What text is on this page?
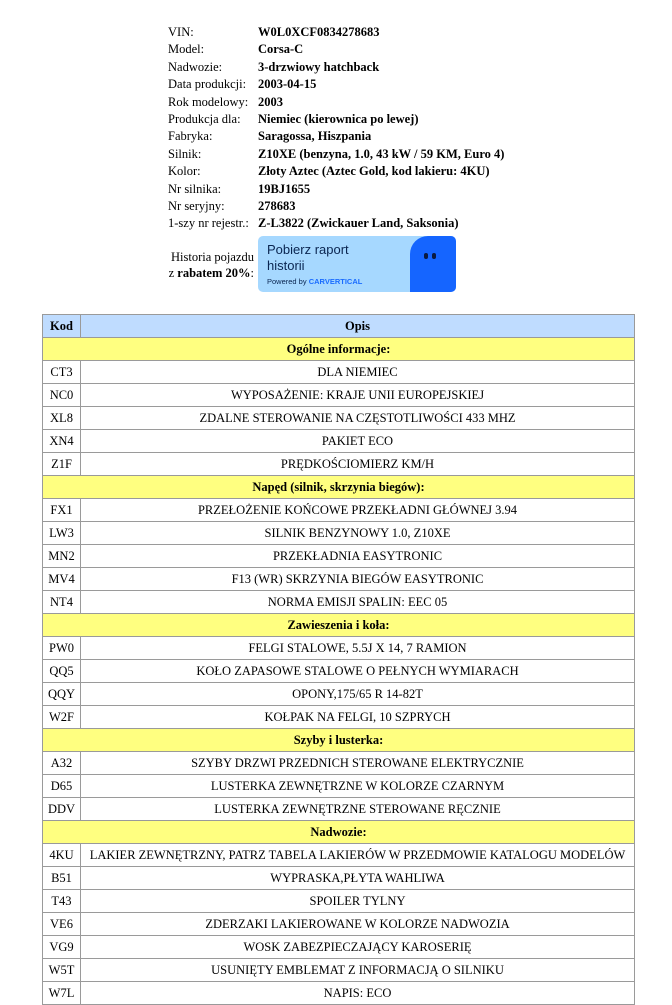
VIN:	W0L0XCF0834278683
Model:	Corsa-C
Nadwozie:	3-drzwiowy hatchback
Data produkcji: 2003-04-15
Rok modelowy: 2003
Produkcja dla: Niemiec (kierownica po lewej)
Fabryka:	Saragossa, Hiszpania
Silnik:	Z10XE (benzyna, 1.0, 43 kW / 59 KM, Euro 4)
Kolor:	Złoty Aztec (Aztec Gold, kod lakieru: 4KU)
Nr silnika:	19BJ1655
Nr seryjny:	278683
1-szy nr rejestr.: Z-L3822 (Zwickauer Land, Saksonia)
Historia pojazdu
z rabatem 20%:
Pobierz raport
historii
Powered by CARVERTICAL
Kod	Opis
Ogólne informacje:	
CT3	DLA NIEMIEC
NC0	WYPOSAŻENIE: KRAJE UNII EUROPEJSKIEJ
XL8	ZDALNE STEROWANIE NA CZĘSTOTLIWOŚCI 433 MHZ
XN4	PAKIET ECO
Z1F	PRĘDKOŚCIOMIERZ KM/H
Napęd (silnik, skrzynia biegów):	
FX1	PRZEŁOŻENIE KOŃCOWE PRZEKŁADNI GŁÓWNEJ 3.94
LW3	SILNIK BENZYNOWY 1.0, Z10XE
MN2	PRZEKŁADNIA EASYTRONIC
MV4	F13 (WR) SKRZYNIA BIEGÓW EASYTRONIC
NT4	NORMA EMISJI SPALIN: EEC 05
Zawieszenia i koła:	
PW0	FELGI STALOWE, 5.5J X 14, 7 RAMION
QQ5	KOŁO ZAPASOWE STALOWE O PEŁNYCH WYMIARACH
QQY	OPONY,175/65 R 14-82T
W2F	KOŁPAK NA FELGI, 10 SZPRYCH
Szyby i lusterka:	
A32	SZYBY DRZWI PRZEDNICH STEROWANE ELEKTRYCZNIE
D65	LUSTERKA ZEWNĘTRZNE W KOLORZE CZARNYM
DDV	LUSTERKA ZEWNĘTRZNE STEROWANE RĘCZNIE
Nadwozie:	
4KU	LAKIER ZEWNĘTRZNY, PATRZ TABELA LAKIERÓW W PRZEDMOWIE KATALOGU MODELÓW
B51	WYPRASKA,PŁYTA WAHLIWA
T43	SPOILER TYLNY
VE6	ZDERZAKI LAKIEROWANE W KOLORZE NADWOZIA
VG9	WOSK ZABEZPIECZAJĄCY KAROSERIĘ
W5T	USUNIĘTY EMBLEMAT Z INFORMACJĄ O SILNIKU
W7L	NAPIS: ECO
